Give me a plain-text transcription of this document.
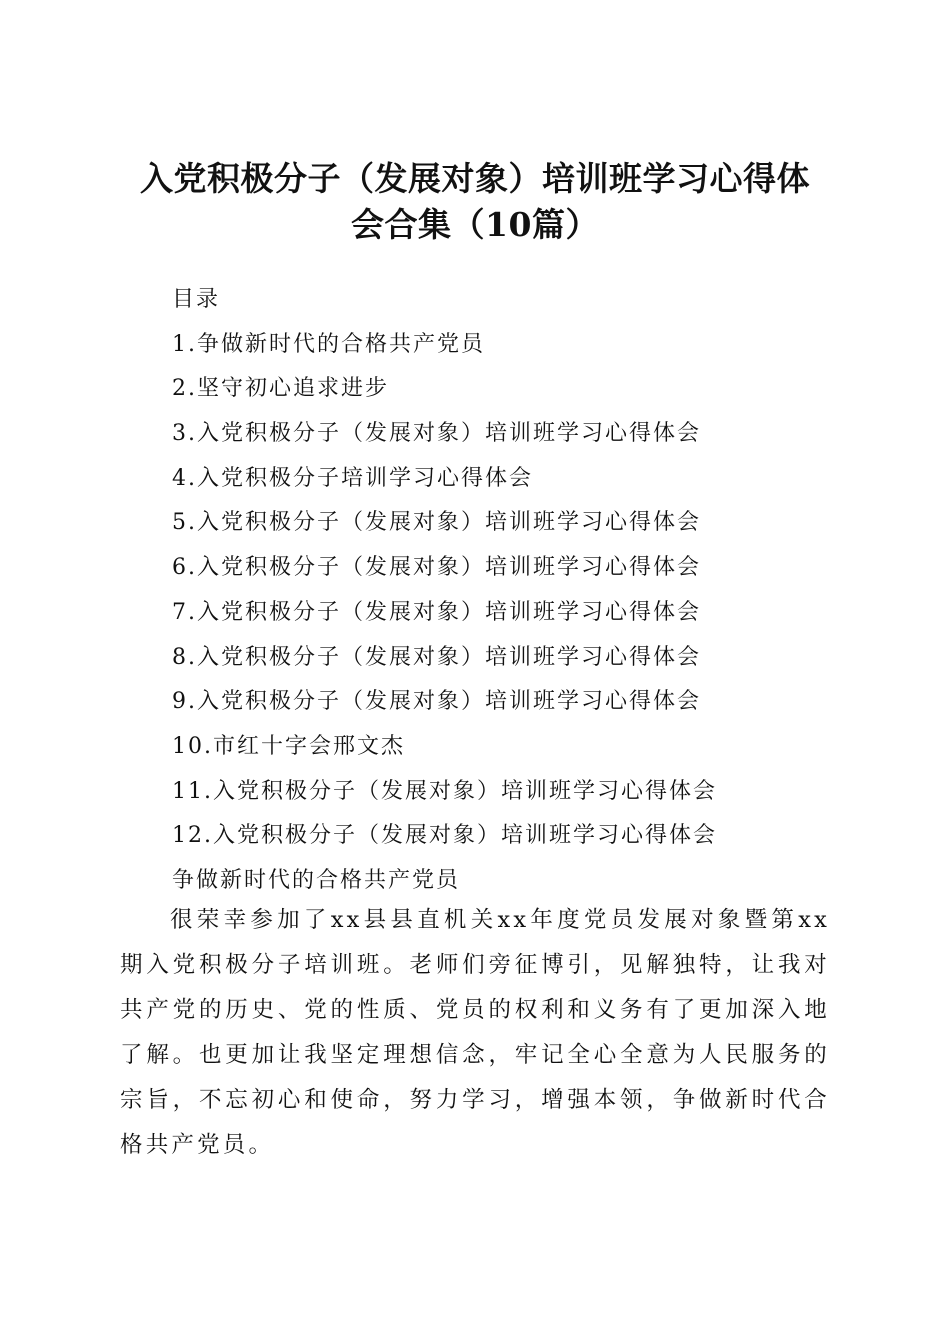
入党积极分子（发展对象）培训班学习心得体
会合集（10篇）
目录
1.争做新时代的合格共产党员
2.坚守初心追求进步
3.入党积极分子（发展对象）培训班学习心得体会
4.入党积极分子培训学习心得体会
5.入党积极分子（发展对象）培训班学习心得体会
6.入党积极分子（发展对象）培训班学习心得体会
7.入党积极分子（发展对象）培训班学习心得体会
8.入党积极分子（发展对象）培训班学习心得体会
9.入党积极分子（发展对象）培训班学习心得体会
10.市红十字会邢文杰
11.入党积极分子（发展对象）培训班学习心得体会
12.入党积极分子（发展对象）培训班学习心得体会
争做新时代的合格共产党员

很荣幸参加了xx县县直机关xx年度党员发展对象暨第xx期入党积极分子培训班。老师们旁征博引，见解独特，让我对共产党的历史、党的性质、党员的权利和义务有了更加深入地了解。也更加让我坚定理想信念，牢记全心全意为人民服务的宗旨，不忘初心和使命，努力学习，增强本领，争做新时代合格共产党员。
